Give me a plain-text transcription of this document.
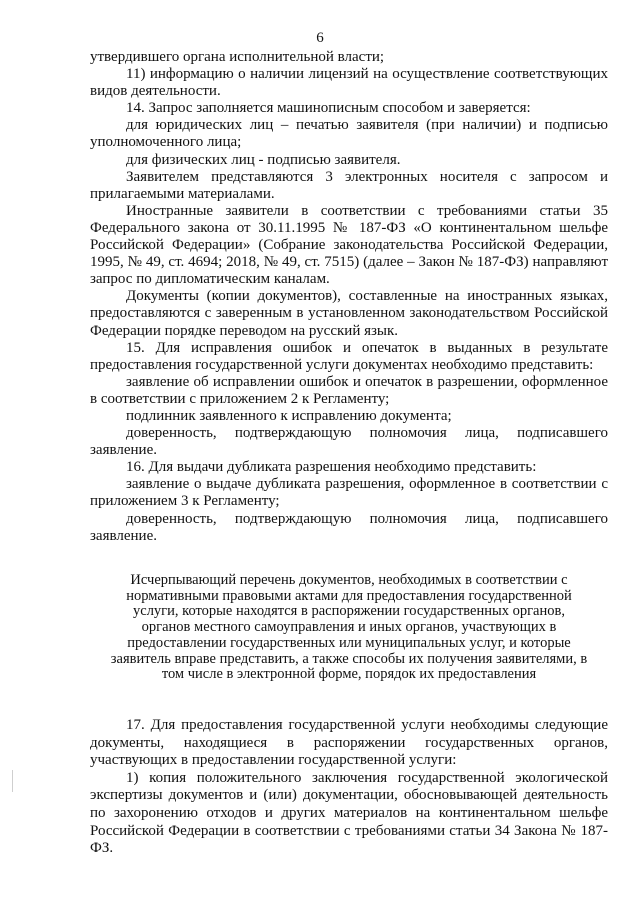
6

утвердившего органа исполнительной власти;

11) информацию о наличии лицензий на осуществление соответствующих видов деятельности.

14. Запрос заполняется машинописным способом и заверяется:

для юридических лиц – печатью заявителя (при наличии) и подписью уполномоченного лица;

для физических лиц - подписью заявителя.

Заявителем представляются 3 электронных носителя с запросом и прилагаемыми материалами.

Иностранные заявители в соответствии с требованиями статьи 35 Федерального закона от 30.11.1995 № 187-ФЗ «О континентальном шельфе Российской Федерации» (Собрание законодательства Российской Федерации, 1995, № 49, ст. 4694; 2018, № 49, ст. 7515) (далее – Закон № 187-ФЗ) направляют запрос по дипломатическим каналам.

Документы (копии документов), составленные на иностранных языках, предоставляются с заверенным в установленном законодательством Российской Федерации порядке переводом на русский язык.

15. Для исправления ошибок и опечаток в выданных в результате предоставления государственной услуги документах необходимо представить:

заявление об исправлении ошибок и опечаток в разрешении, оформленное в соответствии с приложением 2 к Регламенту;

подлинник заявленного к исправлению документа;

доверенность, подтверждающую полномочия лица, подписавшего заявление.

16. Для выдачи дубликата разрешения необходимо представить:

заявление о выдаче дубликата разрешения, оформленное в соответствии с приложением 3 к Регламенту;

доверенность, подтверждающую полномочия лица, подписавшего заявление.

Исчерпывающий перечень документов, необходимых в соответствии с нормативными правовыми актами для предоставления государственной услуги, которые находятся в распоряжении государственных органов, органов местного самоуправления и иных органов, участвующих в предоставлении государственных или муниципальных услуг, и которые заявитель вправе представить, а также способы их получения заявителями, в том числе в электронной форме, порядок их предоставления

17. Для предоставления государственной услуги необходимы следующие документы, находящиеся в распоряжении государственных органов, участвующих в предоставлении государственной услуги:

1) копия положительного заключения государственной экологической экспертизы документов и (или) документации, обосновывающей деятельность по захоронению отходов и других материалов на континентальном шельфе Российской Федерации в соответствии с требованиями статьи 34 Закона № 187-ФЗ.
